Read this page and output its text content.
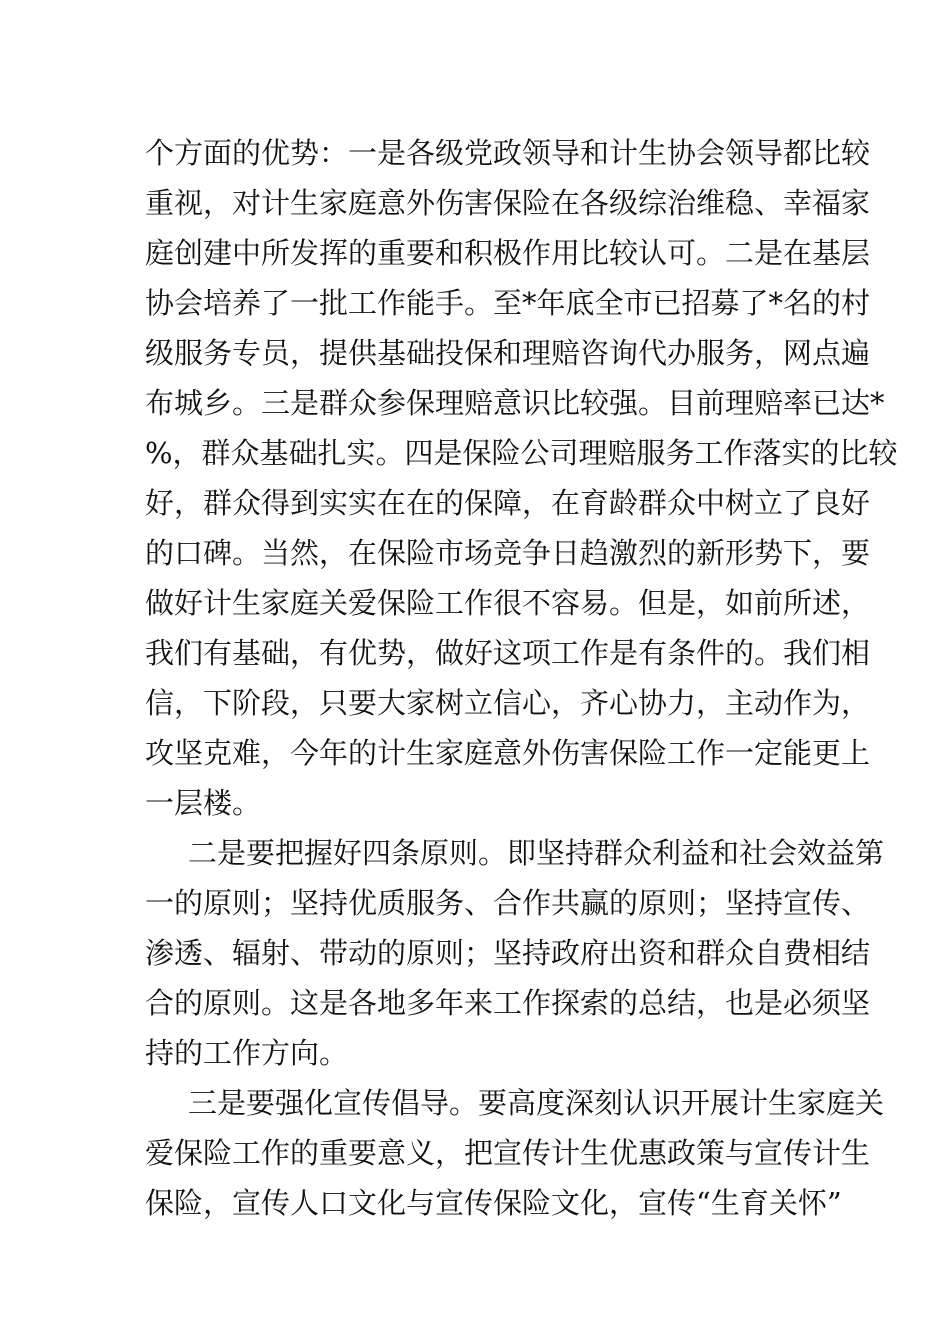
个方面的优势：一是各级党政领导和计生协会领导都比较
重视，对计生家庭意外伤害保险在各级综治维稳、幸福家
庭创建中所发挥的重要和积极作用比较认可。二是在基层
协会培养了一批工作能手。至*年底全市已招募了*名的村
级服务专员，提供基础投保和理赔咨询代办服务，网点遍
布城乡。三是群众参保理赔意识比较强。目前理赔率已达*
%，群众基础扎实。四是保险公司理赔服务工作落实的比较
好，群众得到实实在在的保障，在育龄群众中树立了良好
的口碑。当然，在保险市场竞争日趋激烈的新形势下，要
做好计生家庭关爱保险工作很不容易。但是，如前所述，
我们有基础，有优势，做好这项工作是有条件的。我们相
信，下阶段，只要大家树立信心，齐心协力，主动作为，
攻坚克难，今年的计生家庭意外伤害保险工作一定能更上
一层楼。
二是要把握好四条原则。即坚持群众利益和社会效益第
一的原则；坚持优质服务、合作共赢的原则；坚持宣传、
渗透、辐射、带动的原则；坚持政府出资和群众自费相结
合的原则。这是各地多年来工作探索的总结，也是必须坚
持的工作方向。
三是要强化宣传倡导。要高度深刻认识开展计生家庭关
爱保险工作的重要意义，把宣传计生优惠政策与宣传计生
保险，宣传人口文化与宣传保险文化，宣传“生育关怀”
